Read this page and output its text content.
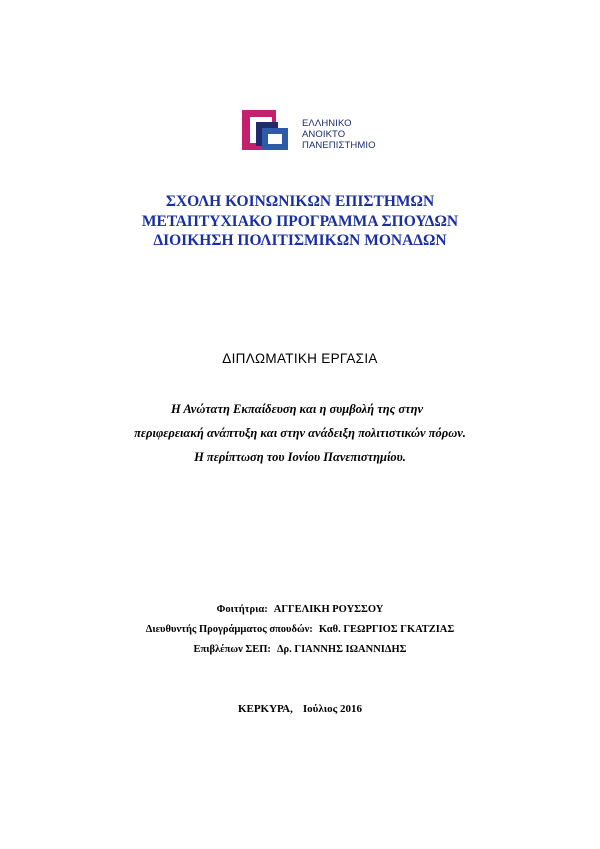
ΕΛΛΗΝΙΚΟ
ΑΝΟΙΚΤΟ
ΠΑΝΕΠΙΣΤΗΜΙΟ
ΣΧΟΛΗ ΚΟΙΝΩΝΙΚΩΝ ΕΠΙΣΤΗΜΩΝ
ΜΕΤΑΠΤΥΧΙΑΚΟ ΠΡΟΓΡΑΜΜΑ ΣΠΟΥΔΩΝ
ΔΙΟΙΚΗΣΗ ΠΟΛΙΤΙΣΜΙΚΩΝ ΜΟΝΑΔΩΝ
ΔΙΠΛΩΜΑΤΙΚΗ ΕΡΓΑΣΙΑ
Η Ανώτατη Εκπαίδευση και η συμβολή της στην
περιφερειακή ανάπτυξη και στην ανάδειξη πολιτιστικών πόρων.
Η περίπτωση του Ιονίου Πανεπιστημίου.
Φοιτήτρια: ΑΓΓΕΛΙΚΗ ΡΟΥΣΣΟΥ
Διευθυντής Προγράμματος σπουδών: Καθ. ΓΕΩΡΓΙΟΣ ΓΚΑΤΖΙΑΣ
Επιβλέπων ΣΕΠ: Δρ. ΓΙΑΝΝΗΣ ΙΩΑΝΝΙΔΗΣ
ΚΕΡΚΥΡΑ, Ιούλιος 2016
